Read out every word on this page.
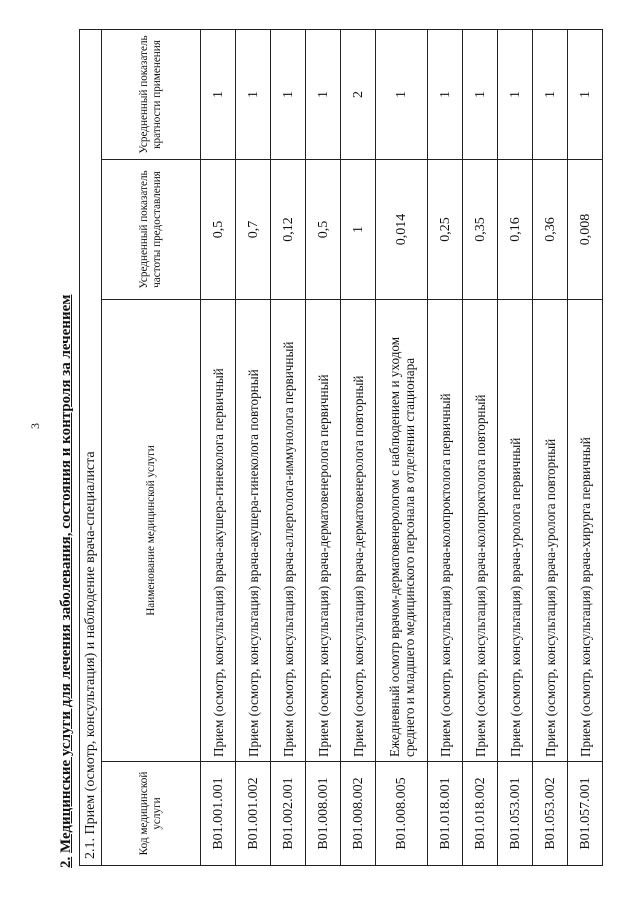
3
2. Медицинские услуги для лечения заболевания, состояния и контроля за лечением 2.1. Прием (осмотр, консультация) и наблюдение врача-специалиста			
Код медицинской услуги	Наименование медицинской услуги	Усредненный показатель частоты предоставления	Усредненный показатель кратности применения
B01.001.001	Прием (осмотр, консультация) врача-акушера-гинеколога первичный	0,5	1
B01.001.002	Прием (осмотр, консультация) врача-акушера-гинеколога повторный	0,7	1
B01.002.001	Прием (осмотр, консультация) врача-аллерголога-иммунолога первичный	0,12	1
B01.008.001	Прием (осмотр, консультация) врача-дерматовенеролога первичный	0,5	1
B01.008.002	Прием (осмотр, консультация) врача-дерматовенеролога повторный	1	2
B01.008.005	Ежедневный осмотр врачом-дерматовенерологом с наблюдением и уходом среднего и младшего медицинского персонала в отделении стационара	0,014	1
B01.018.001	Прием (осмотр, консультация) врача-колопроктолога первичный	0,25	1
B01.018.002	Прием (осмотр, консультация) врача-колопроктолога повторный	0,35	1
B01.053.001	Прием (осмотр, консультация) врача-уролога первичный	0,16	1
B01.053.002	Прием (осмотр, консультация) врача-уролога повторный	0,36	1
B01.057.001	Прием (осмотр, консультация) врача-хирурга первичный	0,008	1
